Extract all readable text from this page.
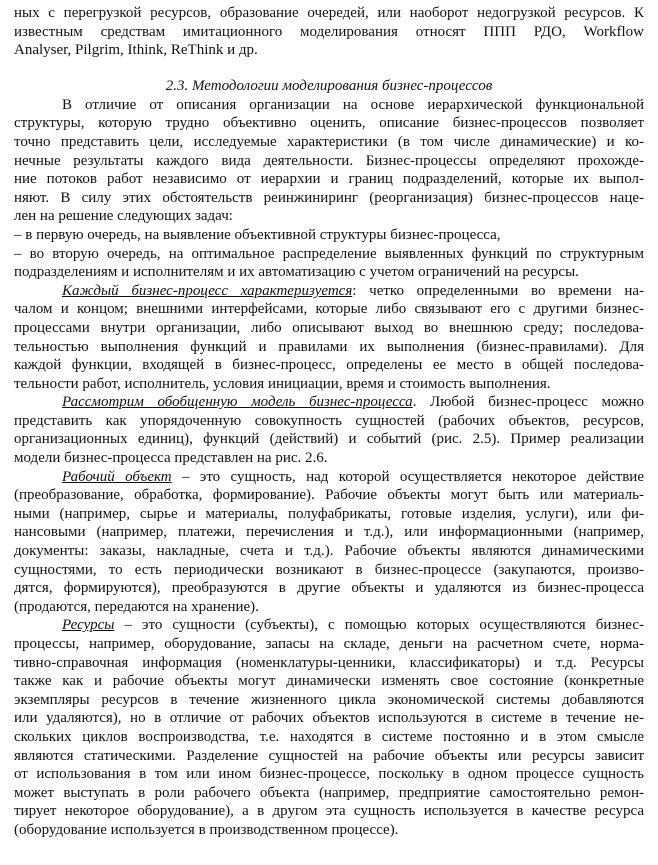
ных с перегрузкой ресурсов, образование очередей, или наоборот недогрузкой ресурсов. К
известным средствам имитационного моделирования относят ППП РДО, Workflow
Analyser, Pilgrim, Ithink, ReThink и др.
2.3. Методологии моделирования бизнес-процессов
В отличие от описания организации на основе иерархической функциональной
структуры, которую трудно объективно оценить, описание бизнес-процессов позволяет
точно представить цели, исследуемые характеристики (в том числе динамические) и ко-
нечные результаты каждого вида деятельности. Бизнес-процессы определяют прохожде-
ние потоков работ независимо от иерархии и границ подразделений, которые их выпол-
няют. В силу этих обстоятельств реинжиниринг (реорганизация) бизнес-процессов наце-
лен на решение следующих задач:
– в первую очередь, на выявление объективной структуры бизнес-процесса,
– во вторую очередь, на оптимальное распределение выявленных функций по структурным
подразделениям и исполнителям и их автоматизацию с учетом ограничений на ресурсы.
Каждый бизнес-процесс характеризуется: четко определенными во времени на-
чалом и концом; внешними интерфейсами, которые либо связывают его с другими бизнес-
процессами внутри организации, либо описывают выход во внешнюю среду; последова-
тельностью выполнения функций и правилами их выполнения (бизнес-правилами). Для
каждой функции, входящей в бизнес-процесс, определены ее место в общей последова-
тельности работ, исполнитель, условия инициации, время и стоимость выполнения.
Рассмотрим обобщенную модель бизнес-процесса. Любой бизнес-процесс можно
представить как упорядоченную совокупность сущностей (рабочих объектов, ресурсов,
организационных единиц), функций (действий) и событий (рис. 2.5). Пример реализации
модели бизнес-процесса представлен на рис. 2.6.
Рабочий объект – это сущность, над которой осуществляется некоторое действие
(преобразование, обработка, формирование). Рабочие объекты могут быть или материаль-
ными (например, сырье и материалы, полуфабрикаты, готовые изделия, услуги), или фи-
нансовыми (например, платежи, перечисления и т.д.), или информационными (например,
документы: заказы, накладные, счета и т.д.). Рабочие объекты являются динамическими
сущностями, то есть периодически возникают в бизнес-процессе (закупаются, произво-
дятся, формируются), преобразуются в другие объекты и удаляются из бизнес-процесса
(продаются, передаются на хранение).
Ресурсы – это сущности (субъекты), с помощью которых осуществляются бизнес-
процессы, например, оборудование, запасы на складе, деньги на расчетном счете, норма-
тивно-справочная информация (номенклатуры-ценники, классификаторы) и т.д. Ресурсы
также как и рабочие объекты могут динамически изменять свое состояние (конкретные
экземпляры ресурсов в течение жизненного цикла экономической системы добавляются
или удаляются), но в отличие от рабочих объектов используются в системе в течение не-
скольких циклов воспроизводства, т.е. находятся в системе постоянно и в этом смысле
являются статическими. Разделение сущностей на рабочие объекты или ресурсы зависит
от использования в том или ином бизнес-процессе, поскольку в одном процессе сущность
может выступать в роли рабочего объекта (например, предприятие самостоятельно ремон-
тирует некоторое оборудование), а в другом эта сущность используется в качестве ресурса
(оборудование используется в производственном процессе).
